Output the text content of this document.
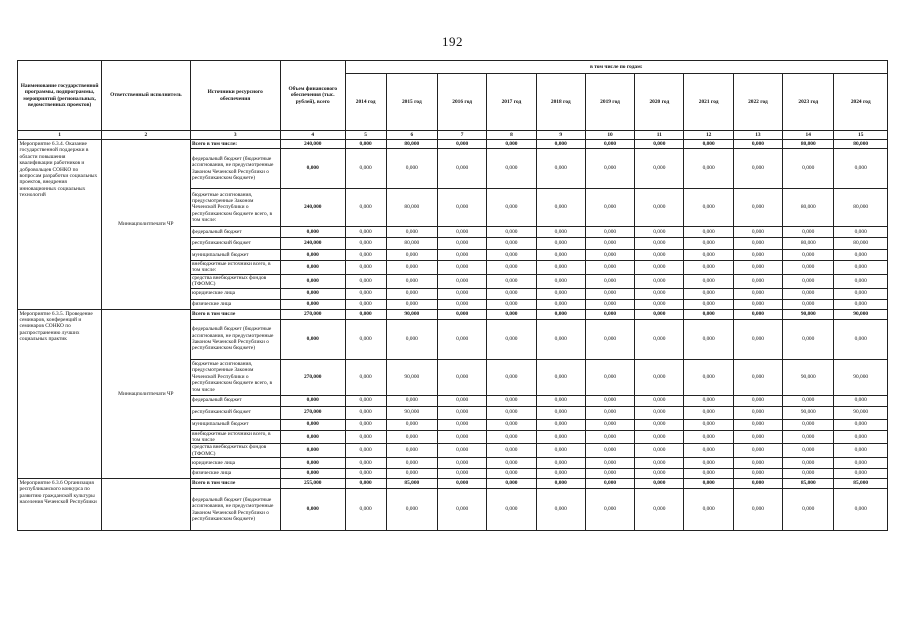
192
Наименование государственной программы, подпрограммы, мероприятий (региональных, ведомственных проектов)	Ответственный исполнитель	Источники ресурсного обеспечения	Объем финансового обеспечения (тыс. рублей), всего	в том числе по годам:										
				2014 год	2015 год	2016 год	2017 год	2018 год	2019 год	2020 год	2021 год	2022 год	2023 год	2024 год
1	2	3	4	5	6	7	8	9	10	11	12	13	14	15
Мероприятие 6.3.4. Оказание государственной поддержки в области повышения квалификации работников и добровольцев СОНКО по вопросам разработки социальных проектов, внедрения инновационных социальных технологий	Миннацполитпечати ЧР	Всего в том числе:	240,000	0,000	80,000	0,000	0,000	0,000	0,000	0,000	0,000	0,000	80,000	80,000
		федеральный бюджет (бюджетные ассигнования, не предусмотренные Законом Чеченской Республики о республиканском бюджете)	0,000	0,000	0,000	0,000	0,000	0,000	0,000	0,000	0,000	0,000	0,000	0,000
		бюджетные ассигнования, предусмотренные Законом Чеченской Республики о республиканском бюджете всего, в том числе:	240,000	0,000	80,000	0,000	0,000	0,000	0,000	0,000	0,000	0,000	80,000	80,000
		федеральный бюджет	0,000	0,000	0,000	0,000	0,000	0,000	0,000	0,000	0,000	0,000	0,000	0,000
		республиканский бюджет	240,000	0,000	80,000	0,000	0,000	0,000	0,000	0,000	0,000	0,000	80,000	80,000
		муниципальный бюджет	0,000	0,000	0,000	0,000	0,000	0,000	0,000	0,000	0,000	0,000	0,000	0,000
		внебюджетные источники всего, в том числе:	0,000	0,000	0,000	0,000	0,000	0,000	0,000	0,000	0,000	0,000	0,000	0,000
		средства внебюджетных фондов (ТФОМС)	0,000	0,000	0,000	0,000	0,000	0,000	0,000	0,000	0,000	0,000	0,000	0,000
		юридические лица	0,000	0,000	0,000	0,000	0,000	0,000	0,000	0,000	0,000	0,000	0,000	0,000
		физические лица	0,000	0,000	0,000	0,000	0,000	0,000	0,000	0,000	0,000	0,000	0,000	0,000
Мероприятие 6.3.5. Проведение семинаров, конференций и семинаров СОНКО по распространению лучших социальных практик	Миннацполитпечати ЧР	Всего в том числе	270,000	0,000	90,000	0,000	0,000	0,000	0,000	0,000	0,000	0,000	90,000	90,000
		федеральный бюджет (бюджетные ассигнования, не предусмотренные Законом Чеченской Республики о республиканском бюджете)	0,000	0,000	0,000	0,000	0,000	0,000	0,000	0,000	0,000	0,000	0,000	0,000
		бюджетные ассигнования, предусмотренные Законом Чеченской Республики о республиканском бюджете всего, в том числе	270,000	0,000	90,000	0,000	0,000	0,000	0,000	0,000	0,000	0,000	90,000	90,000
		федеральный бюджет	0,000	0,000	0,000	0,000	0,000	0,000	0,000	0,000	0,000	0,000	0,000	0,000
		республиканский бюджет	270,000	0,000	90,000	0,000	0,000	0,000	0,000	0,000	0,000	0,000	90,000	90,000
		муниципальный бюджет	0,000	0,000	0,000	0,000	0,000	0,000	0,000	0,000	0,000	0,000	0,000	0,000
		внебюджетные источники всего, в том числе	0,000	0,000	0,000	0,000	0,000	0,000	0,000	0,000	0,000	0,000	0,000	0,000
		средства внебюджетных фондов (ТФОМС)	0,000	0,000	0,000	0,000	0,000	0,000	0,000	0,000	0,000	0,000	0,000	0,000
		юридические лица	0,000	0,000	0,000	0,000	0,000	0,000	0,000	0,000	0,000	0,000	0,000	0,000
		физические лица	0,000	0,000	0,000	0,000	0,000	0,000	0,000	0,000	0,000	0,000	0,000	0,000
Мероприятие 6.3.6 Организация республиканского конкурса по развитию гражданской культуры населения Чеченской Республики		Всего в том числе	255,000	0,000	85,000	0,000	0,000	0,000	0,000	0,000	0,000	0,000	85,000	85,000
		федеральный бюджет (бюджетные ассигнования, не предусмотренные Законом Чеченской Республики о республиканском бюджете)	0,000	0,000	0,000	0,000	0,000	0,000	0,000	0,000	0,000	0,000	0,000	0,000
